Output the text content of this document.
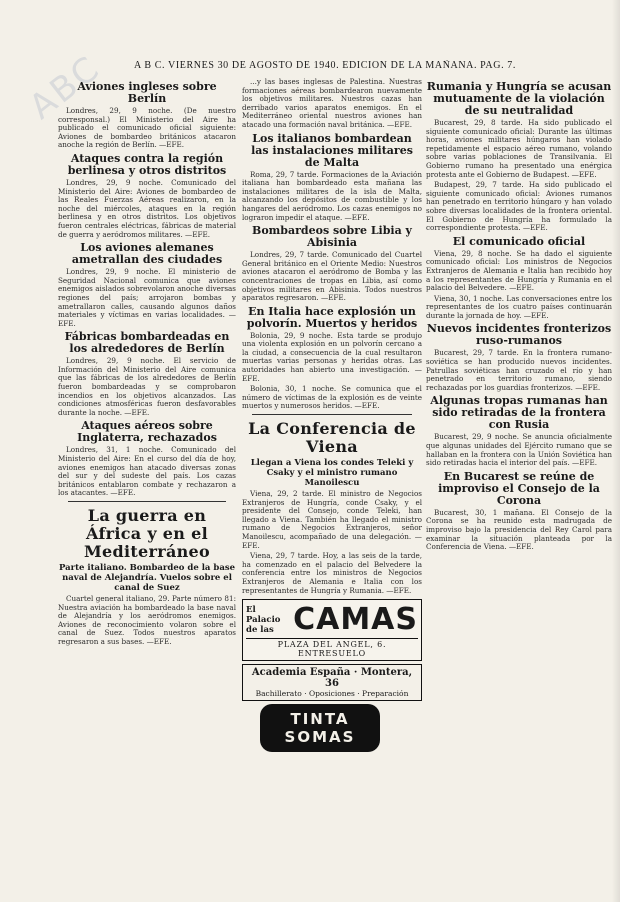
ABC	A B C. VIERNES 30 DE AGOSTO DE 1940. EDICION DE LA MAÑANA. PAG. 7.
Aviones ingleses sobre Berlín
Londres, 29, 9 noche. (De nuestro corresponsal.) El Ministerio del Aire ha publicado el comunicado oficial siguiente: Aviones de bombardeo británicos atacaron anoche la región de Berlín. —EFE.
Ataques contra la región berlinesa y otros distritos
Londres, 29, 9 noche. Comunicado del Ministerio del Aire: Aviones de bombardeo de las Reales Fuerzas Aéreas realizaron, en la noche del miércoles, ataques en la región berlinesa y en otros distritos. Los objetivos fueron centrales eléctricas, fábricas de material de guerra y aeródromos militares. —EFE.
Los aviones alemanes ametrallan des ciudades
Londres, 29, 9 noche. El ministerio de Seguridad Nacional comunica que aviones enemigos aislados sobrevolaron anoche diversas regiones del país; arrojaron bombas y ametrallaron calles, causando algunos daños materiales y víctimas en varias localidades. —EFE.
Fábricas bombardeadas en los alrededores de Berlín
Londres, 29, 9 noche. El servicio de Información del Ministerio del Aire comunica que las fábricas de los alrededores de Berlín fueron bombardeadas y se comprobaron incendios en los objetivos alcanzados. Las condiciones atmosféricas fueron desfavorables durante la noche. —EFE.
Ataques aéreos sobre Inglaterra, rechazados
Londres, 31, 1 noche. Comunicado del Ministerio del Aire: En el curso del día de hoy, aviones enemigos han atacado diversas zonas del sur y del sudeste del país. Los cazas británicos entablaron combate y rechazaron a los atacantes. —EFE.
La guerra en África y en el Mediterráneo
Parte italiano. Bombardeo de la base naval de Alejandría. Vuelos sobre el canal de Suez
Cuartel general italiano, 29. Parte número 81: Nuestra aviación ha bombardeado la base naval de Alejandría y los aeródromos enemigos. Aviones de reconocimiento volaron sobre el canal de Suez. Todos nuestros aparatos regresaron a sus bases. —EFE.
...y las bases inglesas de Palestina. Nuestras formaciones aéreas bombardearon nuevamente los objetivos militares. Nuestros cazas han derribado varios aparatos enemigos. En el Mediterráneo oriental nuestros aviones han atacado una formación naval británica. —EFE.
Los italianos bombardean las instalaciones militares de Malta
Roma, 29, 7 tarde. Formaciones de la Aviación italiana han bombardeado esta mañana las instalaciones militares de la isla de Malta, alcanzando los depósitos de combustible y los hangares del aeródromo. Los cazas enemigos no lograron impedir el ataque. —EFE.
Bombardeos sobre Libia y Abisinia
Londres, 29, 7 tarde. Comunicado del Cuartel General británico en el Oriente Medio: Nuestros aviones atacaron el aeródromo de Bomba y las concentraciones de tropas en Libia, así como objetivos militares en Abisinia. Todos nuestros aparatos regresaron. —EFE.
En Italia hace explosión un polvorín. Muertos y heridos
Bolonia, 29, 9 noche. Esta tarde se produjo una violenta explosión en un polvorín cercano a la ciudad, a consecuencia de la cual resultaron muertas varias personas y heridas otras. Las autoridades han abierto una investigación. —EFE.
Bolonia, 30, 1 noche. Se comunica que el número de víctimas de la explosión es de veinte muertos y numerosos heridos. —EFE.
La Conferencia de Viena
Llegan a Viena los condes Teleki y Csaky y el ministro rumano Manoilescu
Viena, 29, 2 tarde. El ministro de Negocios Extranjeros de Hungría, conde Csaky, y el presidente del Consejo, conde Teleki, han llegado a Viena. También ha llegado el ministro rumano de Negocios Extranjeros, señor Manoilescu, acompañado de una delegación. —EFE.
Viena, 29, 7 tarde. Hoy, a las seis de la tarde, ha comenzado en el palacio del Belvedere la conferencia entre los ministros de Negocios Extranjeros de Alemania e Italia con los representantes de Hungría y Rumania. —EFE.
El Palacio de las CAMAS
PLAZA DEL ANGEL, 6. ENTRESUELO
Academia España · Montera, 36
Bachillerato · Oposiciones · Preparación
TINTA SOMAS
Rumania y Hungría se acusan mutuamente de la violación de su neutralidad
Bucarest, 29, 8 tarde. Ha sido publicado el siguiente comunicado oficial: Durante las últimas horas, aviones militares húngaros han violado repetidamente el espacio aéreo rumano, volando sobre varias poblaciones de Transilvania. El Gobierno rumano ha presentado una enérgica protesta ante el Gobierno de Budapest. —EFE.
Budapest, 29, 7 tarde. Ha sido publicado el siguiente comunicado oficial: Aviones rumanos han penetrado en territorio húngaro y han volado sobre diversas localidades de la frontera oriental. El Gobierno de Hungría ha formulado la correspondiente protesta. —EFE.
El comunicado oficial
Viena, 29, 8 noche. Se ha dado el siguiente comunicado oficial: Los ministros de Negocios Extranjeros de Alemania e Italia han recibido hoy a los representantes de Hungría y Rumania en el palacio del Belvedere. —EFE.
Viena, 30, 1 noche. Las conversaciones entre los representantes de los cuatro países continuarán durante la jornada de hoy. —EFE.
Nuevos incidentes fronterizos ruso-rumanos
Bucarest, 29, 7 tarde. En la frontera rumano-soviética se han producido nuevos incidentes. Patrullas soviéticas han cruzado el río y han penetrado en territorio rumano, siendo rechazadas por los guardias fronterizos. —EFE.
Algunas tropas rumanas han sido retiradas de la frontera con Rusia
Bucarest, 29, 9 noche. Se anuncia oficialmente que algunas unidades del Ejército rumano que se hallaban en la frontera con la Unión Soviética han sido retiradas hacia el interior del país. —EFE.
En Bucarest se reúne de improviso el Consejo de la Corona
Bucarest, 30, 1 mañana. El Consejo de la Corona se ha reunido esta madrugada de improviso bajo la presidencia del Rey Carol para examinar la situación planteada por la Conferencia de Viena. —EFE.
